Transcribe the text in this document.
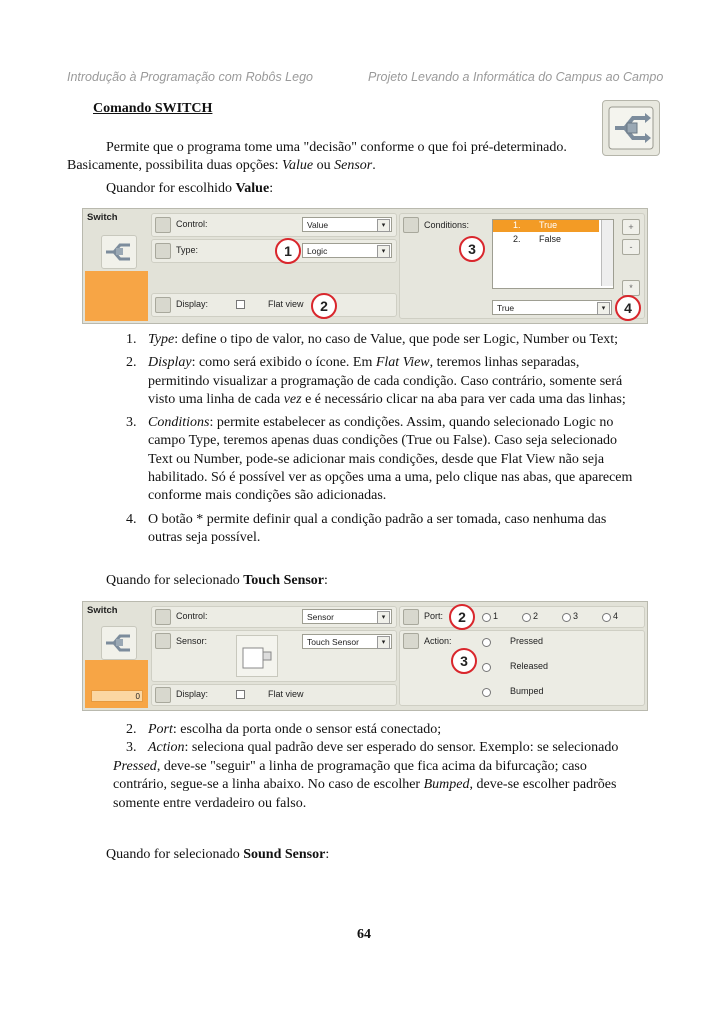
Introdução à Programação com Robôs Lego	Projeto Levando a Informática do Campus ao Campo
Comando SWITCH
Permite que o programa tome uma "decisão" conforme o que foi pré-determinado.
Basicamente, possibilita duas opções: Value ou Sensor.
Quandor for escolhido Value:
Switch
Control:	Value	▾
Type:	Logic	▾
Display:	Flat view
Conditions:	1. True
2. False
+
-
*
True	▾
1
2
3
4
1. Type: define o tipo de valor, no caso de Value, que pode ser Logic, Number ou Text;
2. Display: como será exibido o ícone. Em Flat View, teremos linhas separadas,
permitindo visualizar a programação de cada condição. Caso contrário, somente será
visto uma linha de cada vez e é necessário clicar na aba para ver cada uma das linhas;
3. Conditions: permite estabelecer as condições. Assim, quando selecionado Logic no
campo Type, teremos apenas duas condições (True ou False). Caso seja selecionado
Text ou Number, pode-se adicionar mais condições, desde que Flat View não seja
habilitado. Só é possível ver as opções uma a uma, pelo clique nas abas, que aparecem
conforme mais condições são adicionadas.
4. O botão * permite definir qual a condição padrão a ser tomada, caso nenhuma das
outras seja possível.
Quando for selecionado Touch Sensor:
Switch
0
Control:	Sensor	▾
Sensor:	Touch Sensor	▾
Display:	Flat view
Port:	1	2	3	4
Action:	Pressed
Released
Bumped
2
3
2. Port: escolha da porta onde o sensor está conectado;
3. Action: seleciona qual padrão deve ser esperado do sensor. Exemplo: se selecionado
Pressed, deve-se "seguir" a linha de programação que fica acima da bifurcação; caso
contrário, segue-se a linha abaixo. No caso de escolher Bumped, deve-se escolher padrões
somente entre verdadeiro ou falso.
Quando for selecionado Sound Sensor:
64
